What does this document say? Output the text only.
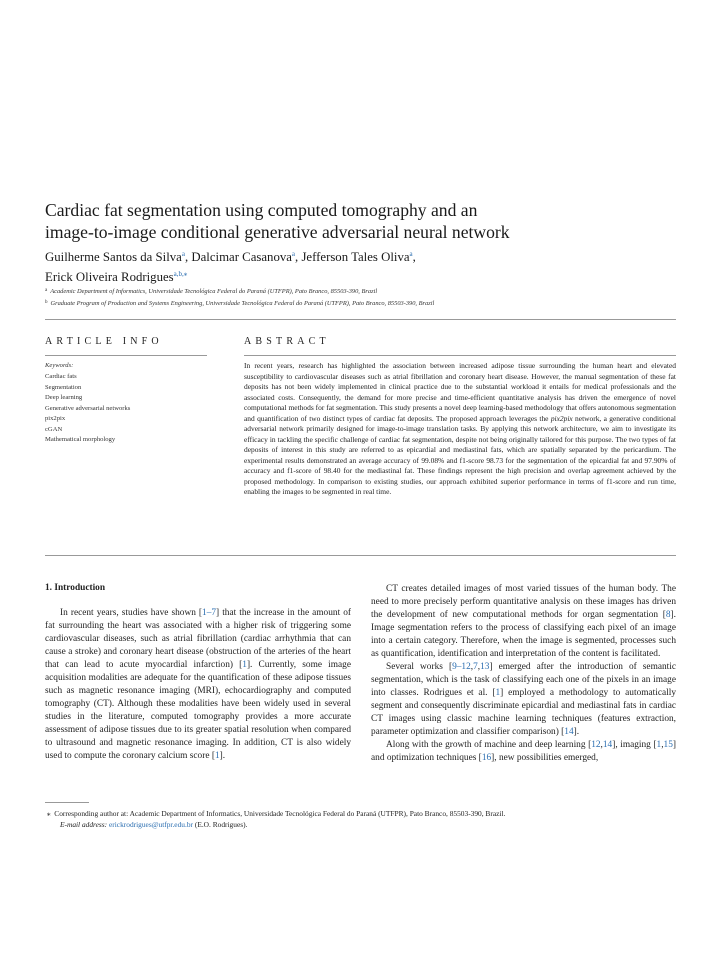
Cardiac fat segmentation using computed tomography and an
image-to-image conditional generative adversarial neural network
Guilherme Santos da Silva$^a$, Dalcimar Casanova$^a$, Jefferson Tales Oliva$^a$,
Erick Oliveira Rodrigues$^{a,b,⁎}$
$^a$ Academic Department of Informatics, Universidade Tecnológica Federal do Paraná (UTFPR), Pato Branco, 85503-390, Brazil
$^b$ Graduate Program of Production and Systems Engineering, Universidade Tecnológica Federal do Paraná (UTFPR), Pato Branco, 85503-390, Brazil
ARTICLE INFO
Keywords:
Cardiac fats
Segmentation
Deep learning
Generative adversarial networks
pix2pix
cGAN
Mathematical morphology
ABSTRACT
In recent years, research has highlighted the association between increased adipose tissue surrounding the human heart and elevated susceptibility to cardiovascular diseases such as atrial fibrillation and coronary heart disease. However, the manual segmentation of these fat deposits has not been widely implemented in clinical practice due to the substantial workload it entails for medical professionals and the associated costs. Consequently, the demand for more precise and time-efficient quantitative analysis has driven the emergence of novel computational methods for fat segmentation. This study presents a novel deep learning-based methodology that offers autonomous segmentation and quantification of two distinct types of cardiac fat deposits. The proposed approach leverages the pix2pix network, a generative conditional adversarial network primarily designed for image-to-image translation tasks. By applying this network architecture, we aim to investigate its efficacy in tackling the specific challenge of cardiac fat segmentation, despite not being originally tailored for this purpose. The two types of fat deposits of interest in this study are referred to as epicardial and mediastinal fats, which are spatially separated by the pericardium. The experimental results demonstrated an average accuracy of 99.08% and f1-score 98.73 for the segmentation of the epicardial fat and 97.90% of accuracy and f1-score of 98.40 for the mediastinal fat. These findings represent the high precision and overlap agreement achieved by the proposed methodology. In comparison to existing studies, our approach exhibited superior performance in terms of f1-score and run time, enabling the images to be segmented in real time.
1. Introduction

In recent years, studies have shown [1–7] that the increase in the amount of fat surrounding the heart was associated with a higher risk of triggering some cardiovascular diseases, such as atrial fibrillation (cardiac arrhythmia that can cause a stroke) and coronary heart disease (obstruction of the arteries of the heart that can lead to acute myocardial infarction) [1]. Currently, some image acquisition modalities are adequate for the quantification of these adipose tissues such as magnetic resonance imaging (MRI), echocardiography and computed tomography (CT). Although these modalities have been widely used in several studies in the literature, computed tomography provides a more accurate assessment of adipose tissues due to its greater spatial resolution when compared to ultrasound and magnetic resonance imaging. In addition, CT is also widely used to compute the coronary calcium score [1].

CT creates detailed images of most varied tissues of the human body. The need to more precisely perform quantitative analysis on these images has driven the development of new computational methods for organ segmentation [8]. Image segmentation refers to the process of classifying each pixel of an image into a certain category. Therefore, when the image is segmented, processes such as quantification, identification and interpretation of the content is facilitated.

Several works [9–12,7,13] emerged after the introduction of semantic segmentation, which is the task of classifying each one of the pixels in an image into classes. Rodrigues et al. [1] employed a methodology to automatically segment and consequently discriminate epicardial and mediastinal fats in cardiac CT images using classic machine learning techniques (features extraction, parameter optimization and classifier comparison) [14].

Along with the growth of machine and deep learning [12,14], imaging [1,15] and optimization techniques [16], new possibilities emerged,

⁎ Corresponding author at: Academic Department of Informatics, Universidade Tecnológica Federal do Paraná (UTFPR), Pato Branco, 85503-390, Brazil.
E-mail address: erickrodrigues@utfpr.edu.br (E.O. Rodrigues).
